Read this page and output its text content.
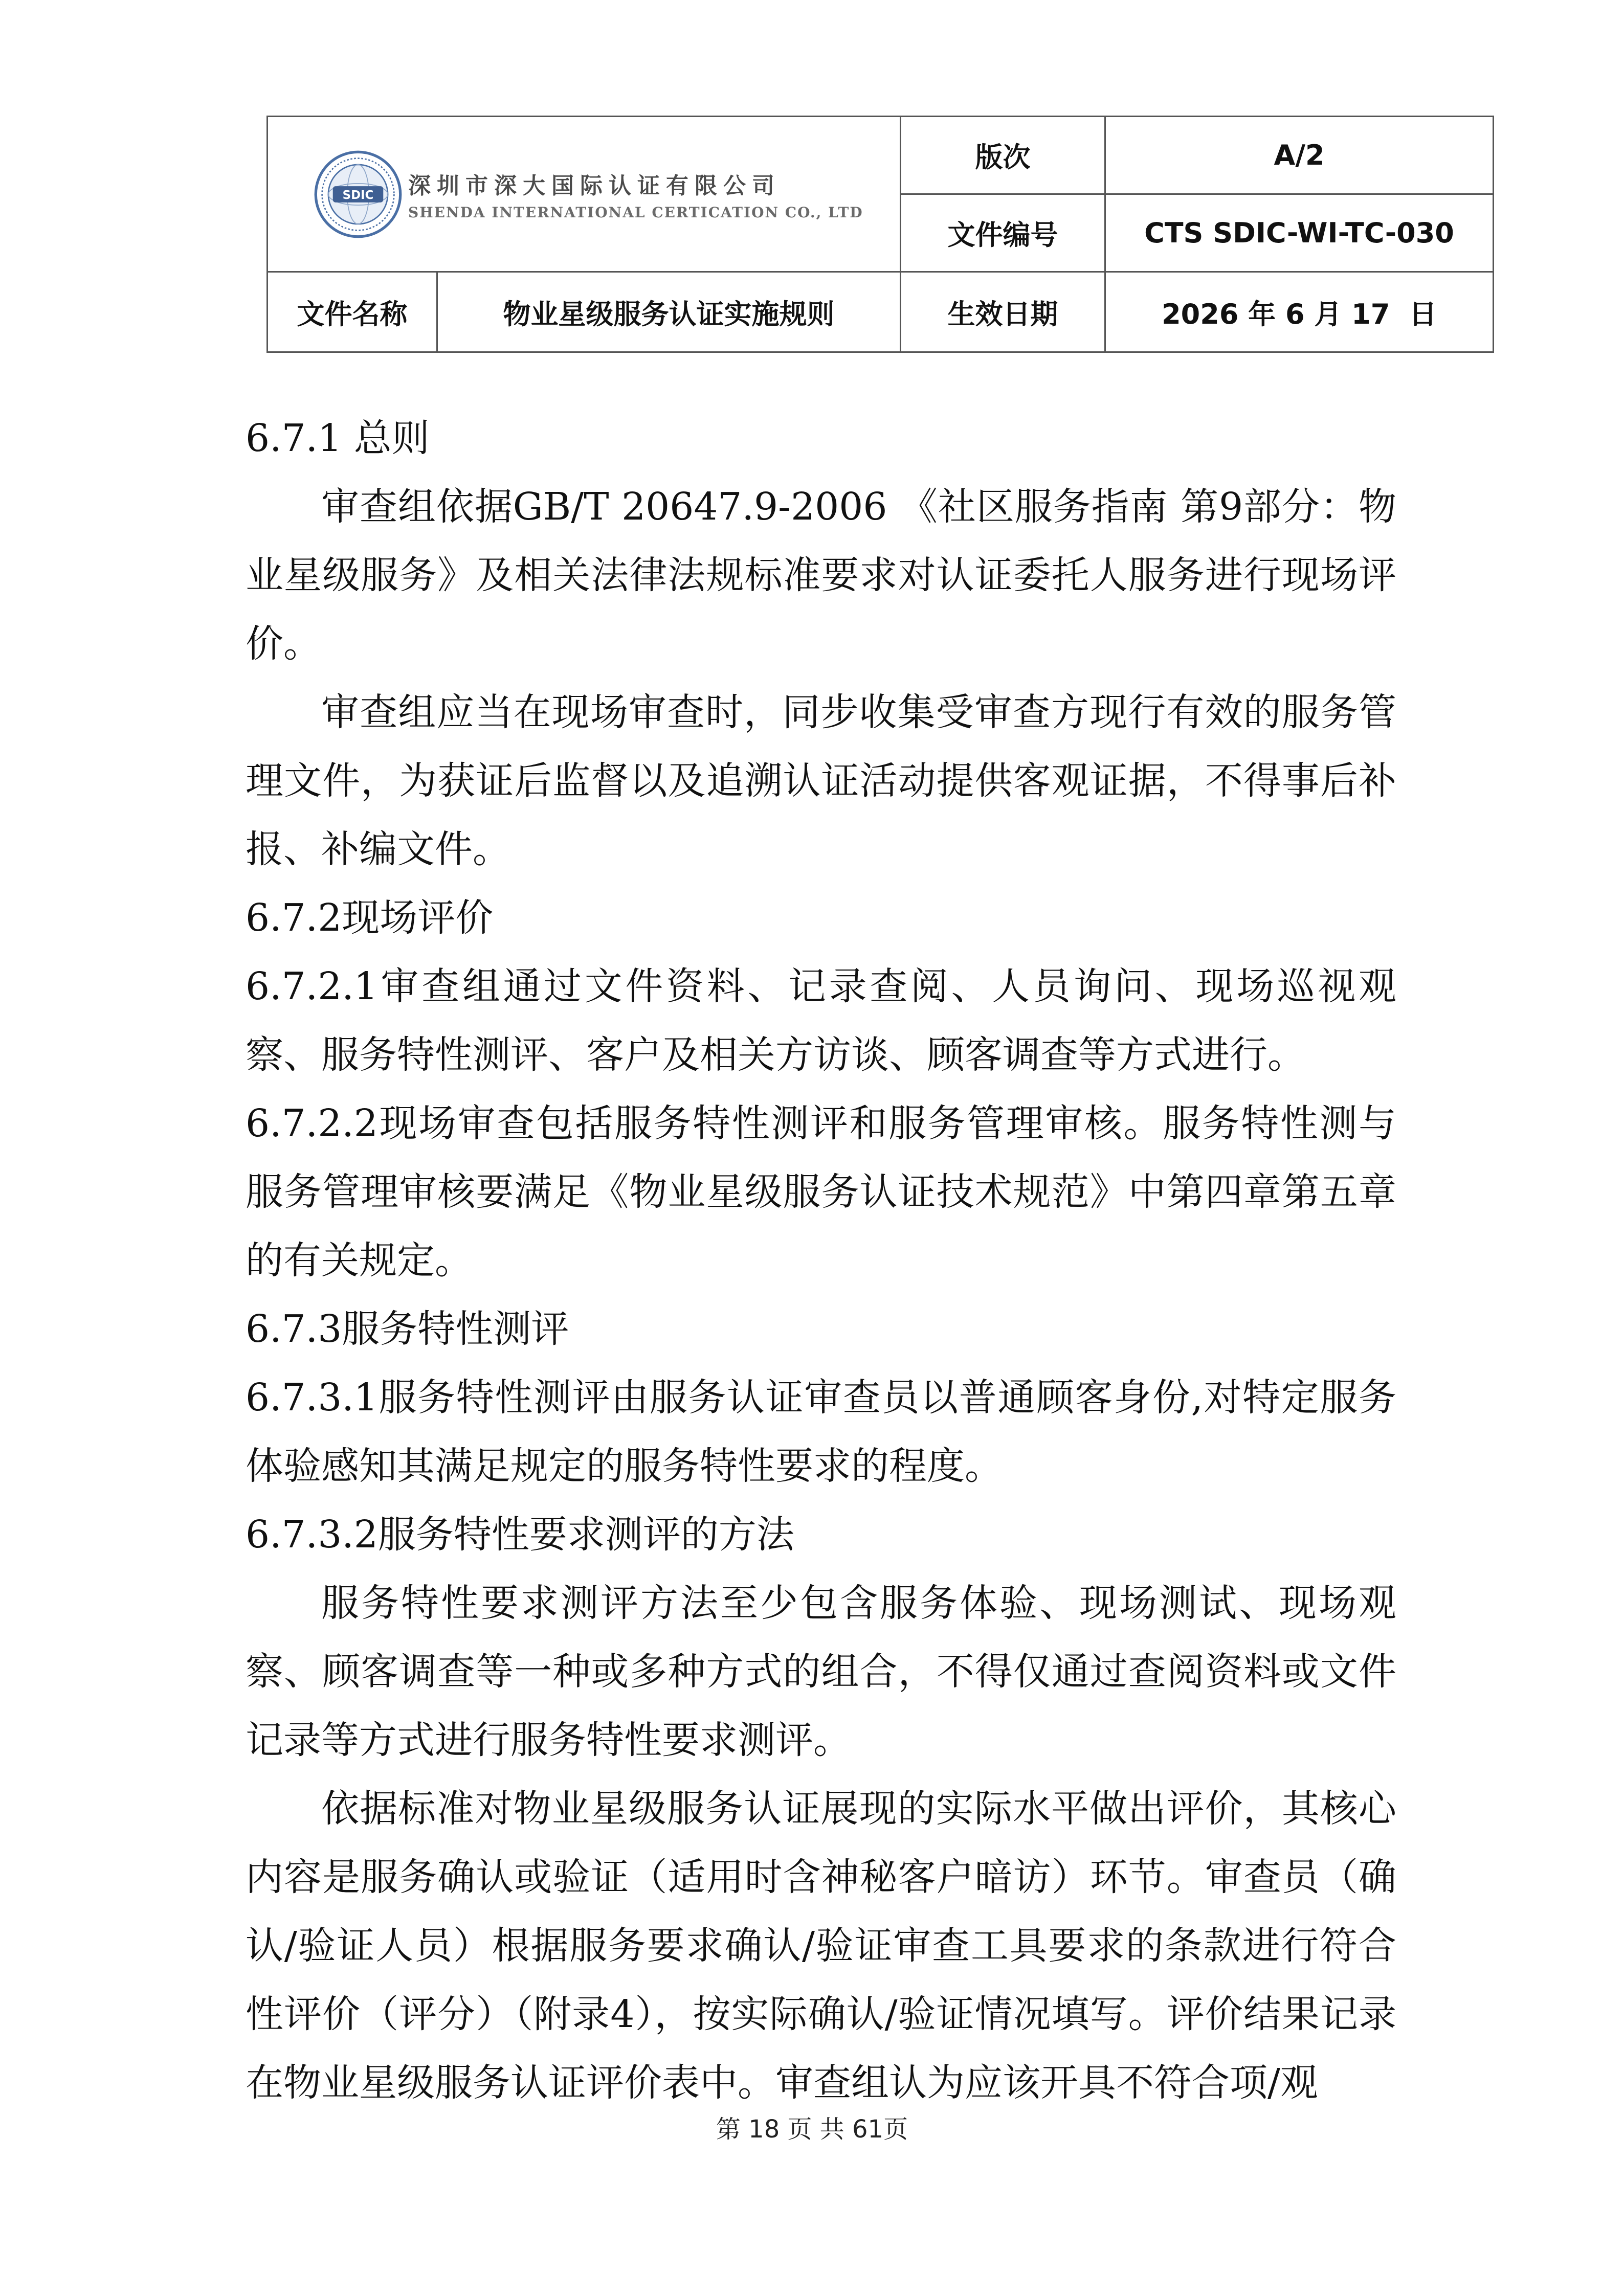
SDIC 深圳市深大国际认证有限公司
SHENDA INTERNATIONAL CERTICATION CO., LTD
版次	A/2
文件编号	CTS SDIC-WI-TC-030
文件名称	物业星级服务认证实施规则	生效日期	2026 年 6 月 17  日

6.7.1 总则

审查组依据GB/T 20647.9-2006 《社区服务指南 第9部分：物业星级服务》及相关法律法规标准要求对认证委托人服务进行现场评价。

审查组应当在现场审查时，同步收集受审查方现行有效的服务管理文件，为获证后监督以及追溯认证活动提供客观证据，不得事后补报、补编文件。

6.7.2现场评价

6.7.2.1审查组通过文件资料、记录查阅、人员询问、现场巡视观察、服务特性测评、客户及相关方访谈、顾客调查等方式进行。

6.7.2.2现场审查包括服务特性测评和服务管理审核。服务特性测与服务管理审核要满足《物业星级服务认证技术规范》中第四章第五章的有关规定。

6.7.3服务特性测评

6.7.3.1服务特性测评由服务认证审查员以普通顾客身份,对特定服务体验感知其满足规定的服务特性要求的程度。

6.7.3.2服务特性要求测评的方法

服务特性要求测评方法至少包含服务体验、现场测试、现场观察、顾客调查等一种或多种方式的组合，不得仅通过查阅资料或文件记录等方式进行服务特性要求测评。

依据标准对物业星级服务认证展现的实际水平做出评价，其核心内容是服务确认或验证（适用时含神秘客户暗访）环节。审查员（确认/验证人员）根据服务要求确认/验证审查工具要求的条款进行符合性评价（评分）（附录4），按实际确认/验证情况填写。评价结果记录在物业星级服务认证评价表中。审查组认为应该开具不符合项/观

第 18 页 共 61页
